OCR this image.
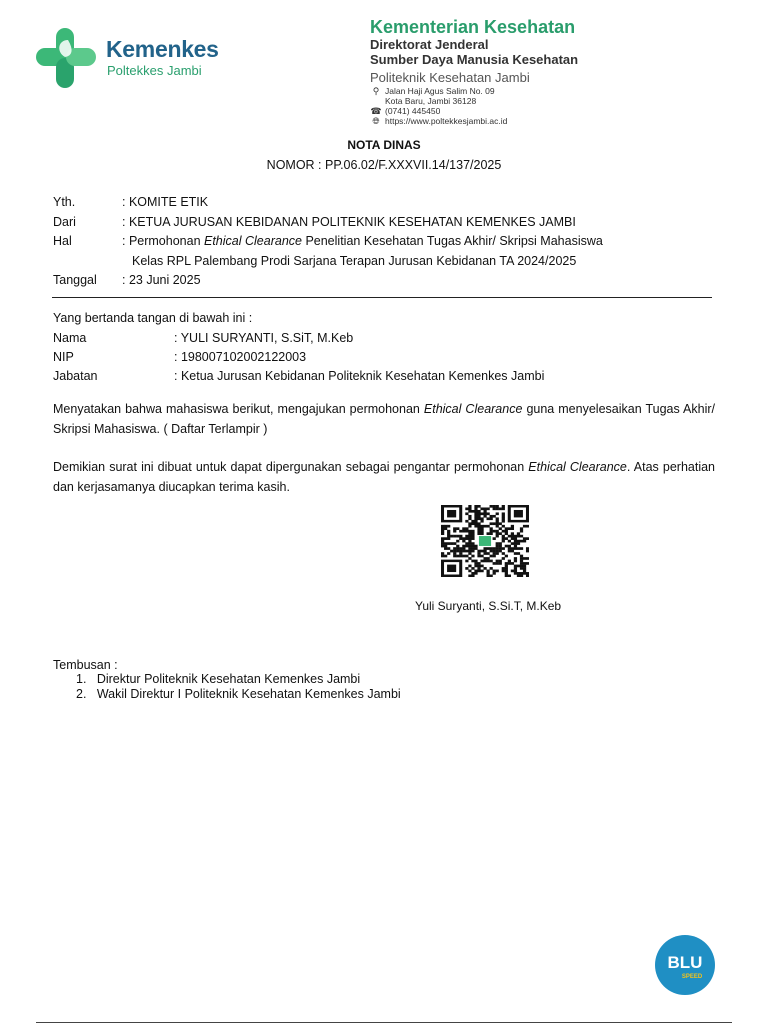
Kemenkes
Poltekkes Jambi
Kementerian Kesehatan
Direktorat Jenderal
Sumber Daya Manusia Kesehatan
Politeknik Kesehatan Jambi
⚲ Jalan Haji Agus Salim No. 09
Kota Baru, Jambi 36128
☎ (0741) 445450
🌐︎ https://www.poltekkesjambi.ac.id
NOTA DINAS
NOMOR : PP.06.02/F.XXXVII.14/137/2025
Yth.	: KOMITE ETIK
Dari	: KETUA JURUSAN KEBIDANAN POLITEKNIK KESEHATAN KEMENKES JAMBI
Hal	: Permohonan Ethical Clearance Penelitian Kesehatan Tugas Akhir/ Skripsi Mahasiswa
Kelas RPL Palembang Prodi Sarjana Terapan Jurusan Kebidanan TA 2024/2025
Tanggal : 23 Juni 2025
Yang bertanda tangan di bawah ini :
Nama	: YULI SURYANTI, S.SiT, M.Keb
NIP	: 198007102002122003
Jabatan	: Ketua Jurusan Kebidanan Politeknik Kesehatan Kemenkes Jambi
Menyatakan bahwa mahasiswa berikut, mengajukan permohonan Ethical Clearance guna menyelesaikan Tugas Akhir/ Skripsi Mahasiswa. ( Daftar Terlampir )
Demikian surat ini dibuat untuk dapat dipergunakan sebagai pengantar permohonan Ethical Clearance. Atas perhatian dan kerjasamanya diucapkan terima kasih.
Yuli Suryanti, S.Si.T, M.Keb
Tembusan :
1.   Direktur Politeknik Kesehatan Kemenkes Jambi
2.   Wakil Direktur I Politeknik Kesehatan Kemenkes Jambi
BLU
SPEED
